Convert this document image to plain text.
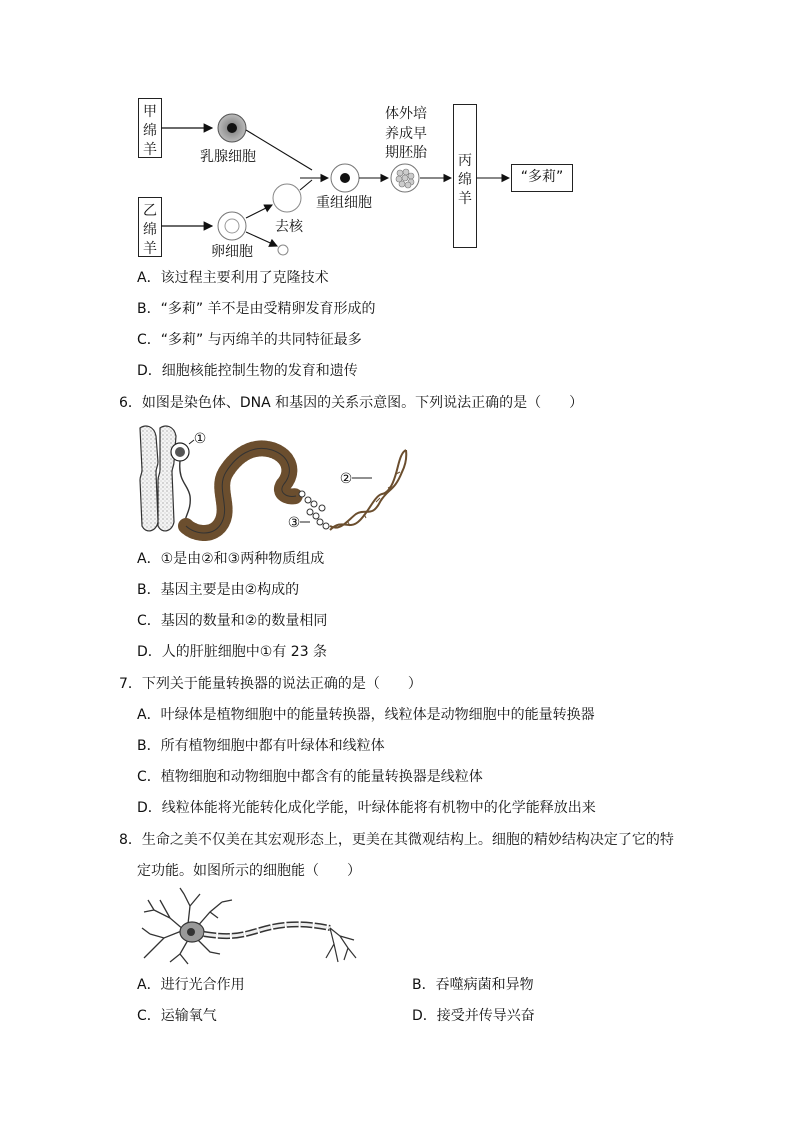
甲
绵
羊
乙
绵
羊
丙
绵
羊
“多莉”
乳腺细胞
卵细胞
去核
重组细胞
体外培
养成早
期胚胎
A．该过程主要利用了克隆技术
B．“多莉” 羊不是由受精卵发育形成的
C．“多莉” 与丙绵羊的共同特征最多
D．细胞核能控制生物的发育和遗传
6．如图是染色体、DNA 和基因的关系示意图。下列说法正确的是（　　）
①
③
②
A．①是由②和③两种物质组成
B．基因主要是由②构成的
C．基因的数量和②的数量相同
D．人的肝脏细胞中①有 23 条
7．下列关于能量转换器的说法正确的是（　　）
A．叶绿体是植物细胞中的能量转换器，线粒体是动物细胞中的能量转换器
B．所有植物细胞中都有叶绿体和线粒体
C．植物细胞和动物细胞中都含有的能量转换器是线粒体
D．线粒体能将光能转化成化学能，叶绿体能将有机物中的化学能释放出来
8．生命之美不仅美在其宏观形态上，更美在其微观结构上。细胞的精妙结构决定了它的特
定功能。如图所示的细胞能（　　）
A．进行光合作用	B．吞噬病菌和异物
C．运输氧气	D．接受并传导兴奋
